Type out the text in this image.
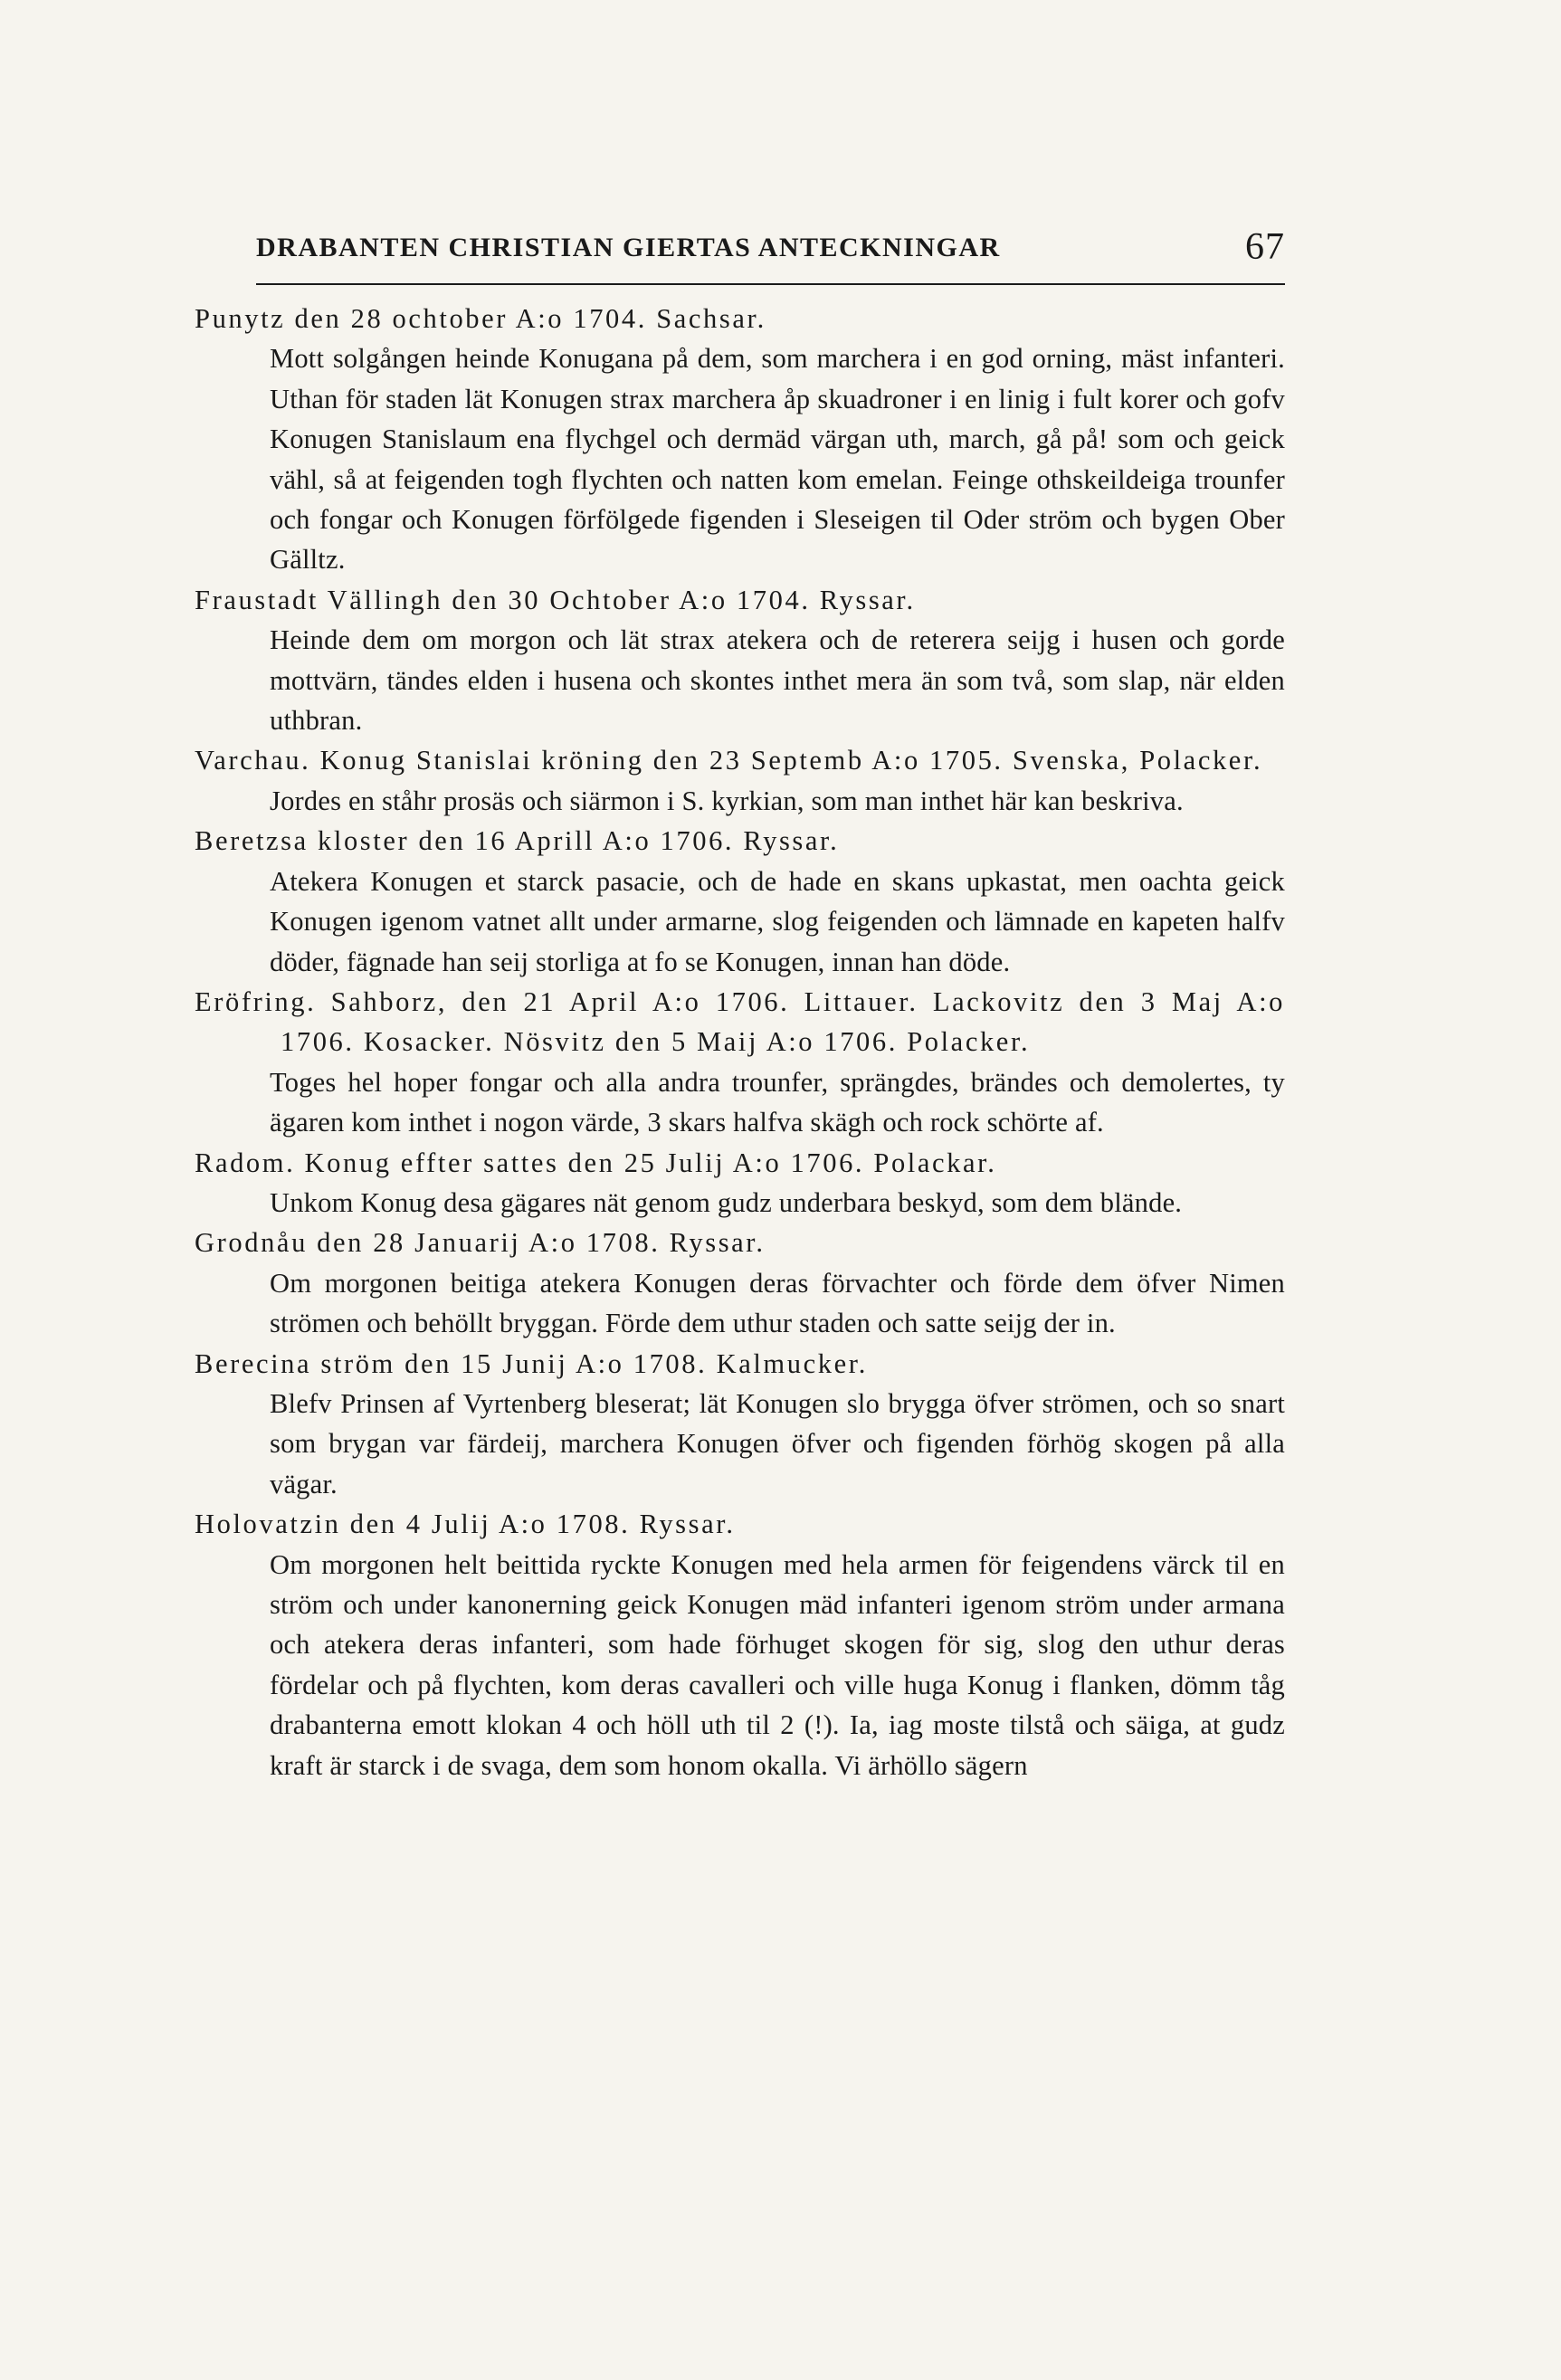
DRABANTEN CHRISTIAN GIERTAS ANTECKNINGAR	67

Punytz den 28 ochtober A:o 1704. Sachsar.

Mott solgången heinde Konugana på dem, som marchera i en god orning, mäst infanteri. Uthan för staden lät Konugen strax marchera åp skuadroner i en linig i fult korer och gofv Konugen Stanislaum ena flychgel och dermäd värgan uth, march, gå på! som och geick vähl, så at feigenden togh flychten och natten kom emelan. Feinge othskeildeiga trounfer och fongar och Konugen förfölgede figenden i Sleseigen til Oder ström och bygen Ober Gälltz.

Fraustadt Vällingh den 30 Ochtober A:o 1704. Ryssar.

Heinde dem om morgon och lät strax atekera och de reterera seijg i husen och gorde mottvärn, tändes elden i husena och skontes inthet mera än som två, som slap, när elden uthbran.

Varchau. Konug Stanislai kröning den 23 Septemb A:o 1705. Svenska, Polacker.

Jordes en ståhr prosäs och siärmon i S. kyrkian, som man inthet här kan beskriva.

Beretzsa kloster den 16 Aprill A:o 1706. Ryssar.

Atekera Konugen et starck pasacie, och de hade en skans upkastat, men oachta geick Konugen igenom vatnet allt under armarne, slog feigenden och lämnade en kapeten halfv döder, fägnade han seij storliga at fo se Konugen, innan han döde.

Eröfring. Sahborz, den 21 April A:o 1706. Littauer. Lackovitz den 3 Maj A:o 1706. Kosacker. Nösvitz den 5 Maij A:o 1706. Polacker.

Toges hel hoper fongar och alla andra trounfer, sprängdes, brändes och demolertes, ty ägaren kom inthet i nogon värde, 3 skars halfva skägh och rock schörte af.

Radom. Konug effter sattes den 25 Julij A:o 1706. Polackar.

Unkom Konug desa gägares nät genom gudz underbara beskyd, som dem blände.

Grodnåu den 28 Januarij A:o 1708. Ryssar.

Om morgonen beitiga atekera Konugen deras förvachter och förde dem öfver Nimen strömen och behöllt bryggan. Förde dem uthur staden och satte seijg der in.

Berecina ström den 15 Junij A:o 1708. Kalmucker.

Blefv Prinsen af Vyrtenberg bleserat; lät Konugen slo brygga öfver strömen, och so snart som brygan var färdeij, marchera Konugen öfver och figenden förhög skogen på alla vägar.

Holovatzin den 4 Julij A:o 1708. Ryssar.

Om morgonen helt beittida ryckte Konugen med hela armen för feigendens värck til en ström och under kanonerning geick Konugen mäd infanteri igenom ström under armana och atekera deras infanteri, som hade förhuget skogen för sig, slog den uthur deras fördelar och på flychten, kom deras cavalleri och ville huga Konug i flanken, dömm tåg drabanterna emott klokan 4 och höll uth til 2 (!). Ia, iag moste tilstå och säiga, at gudz kraft är starck i de svaga, dem som honom okalla. Vi ärhöllo sägern
